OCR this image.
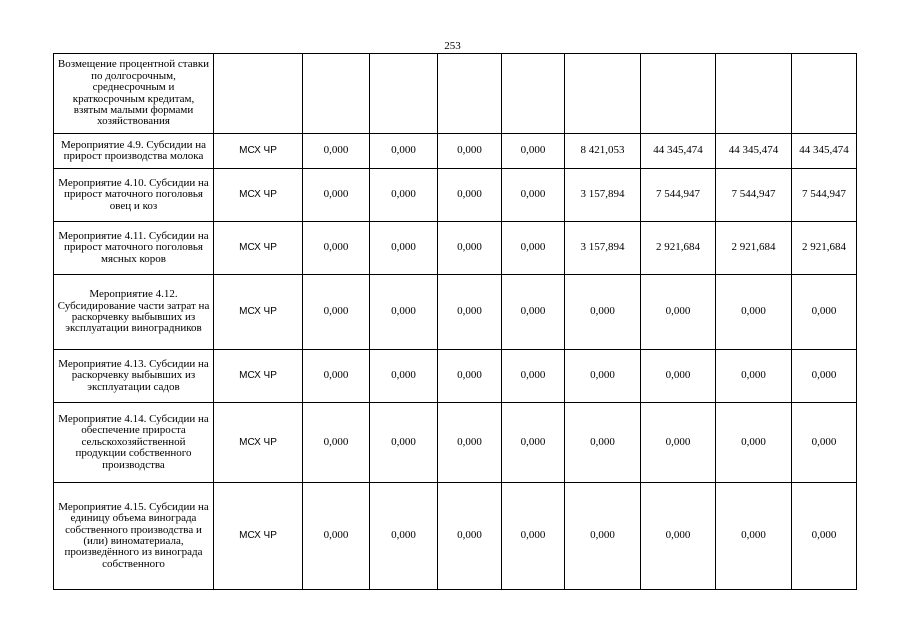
253
Возмещение процентной ставки по долгосрочным, среднесрочным и краткосрочным кредитам, взятым малыми формами хозяйствования									
Мероприятие 4.9. Субсидии на прирост производства молока	МСХ ЧР	0,000	0,000	0,000	0,000	8 421,053	44 345,474	44 345,474	44 345,474
Мероприятие 4.10. Субсидии на прирост маточного поголовья овец и коз	МСХ ЧР	0,000	0,000	0,000	0,000	3 157,894	7 544,947	7 544,947	7 544,947
Мероприятие 4.11. Субсидии на прирост маточного поголовья мясных коров	МСХ ЧР	0,000	0,000	0,000	0,000	3 157,894	2 921,684	2 921,684	2 921,684
Мероприятие 4.12. Субсидирование части затрат на раскорчевку выбывших из эксплуатации виноградников	МСХ ЧР	0,000	0,000	0,000	0,000	0,000	0,000	0,000	0,000
Мероприятие 4.13. Субсидии на раскорчевку выбывших из эксплуатации садов	МСХ ЧР	0,000	0,000	0,000	0,000	0,000	0,000	0,000	0,000
Мероприятие 4.14. Субсидии на обеспечение прироста сельскохозяйственной продукции собственного производства	МСХ ЧР	0,000	0,000	0,000	0,000	0,000	0,000	0,000	0,000
Мероприятие 4.15. Субсидии на единицу объема винограда собственного производства и (или) виноматериала, произведённого из винограда собственного	МСХ ЧР	0,000	0,000	0,000	0,000	0,000	0,000	0,000	0,000
